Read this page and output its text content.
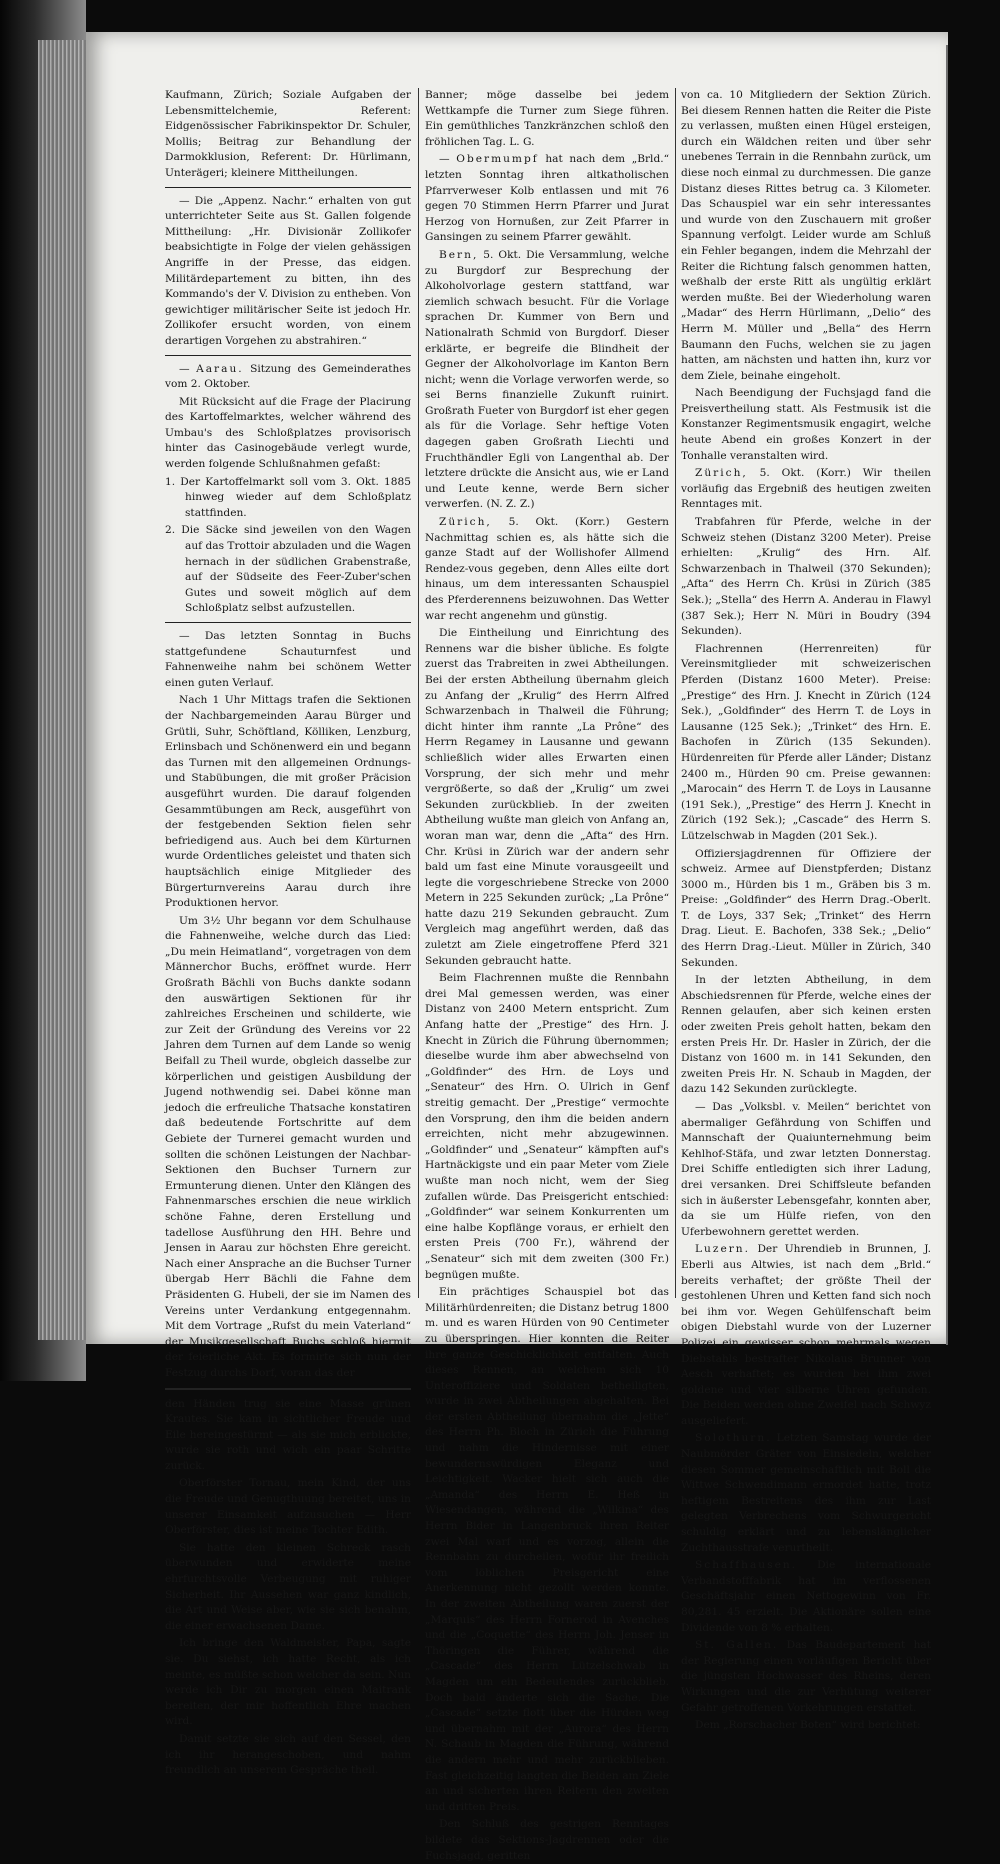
Kaufmann, Zürich; Soziale Aufgaben der Lebensmittelchemie, Referent: Eidgenössischer Fabrikinspektor Dr. Schuler, Mollis; Beitrag zur Behandlung der Darmokklusion, Referent: Dr. Hürlimann, Unterägeri; kleinere Mittheilungen.

— Die „Appenz. Nachr.“ erhalten von gut unterrichteter Seite aus St. Gallen folgende Mittheilung: „Hr. Divisionär Zollikofer beabsichtigte in Folge der vielen gehässigen Angriffe in der Presse, das eidgen. Militärdepartement zu bitten, ihn des Kommando's der V. Division zu entheben. Von gewichtiger militärischer Seite ist jedoch Hr. Zollikofer ersucht worden, von einem derartigen Vorgehen zu abstrahiren.“

— Aarau. Sitzung des Gemeinderathes vom 2. Oktober.

Mit Rücksicht auf die Frage der Placirung des Kartoffelmarktes, welcher während des Umbau's des Schloßplatzes provisorisch hinter das Casinogebäude verlegt wurde, werden folgende Schlußnahmen gefaßt:

1. Der Kartoffelmarkt soll vom 3. Okt. 1885 hinweg wieder auf dem Schloßplatz stattfinden.

2. Die Säcke sind jeweilen von den Wagen auf das Trottoir abzuladen und die Wagen hernach in der südlichen Grabenstraße, auf der Südseite des Feer-Zuber'schen Gutes und soweit möglich auf dem Schloßplatz selbst aufzustellen.

— Das letzten Sonntag in Buchs stattgefundene Schauturnfest und Fahnenweihe nahm bei schönem Wetter einen guten Verlauf.

Nach 1 Uhr Mittags trafen die Sektionen der Nachbargemeinden Aarau Bürger und Grütli, Suhr, Schöftland, Kölliken, Lenzburg, Erlinsbach und Schönenwerd ein und begann das Turnen mit den allgemeinen Ordnungs- und Stabübungen, die mit großer Präcision ausgeführt wurden. Die darauf folgenden Gesammtübungen am Reck, ausgeführt von der festgebenden Sektion fielen sehr befriedigend aus. Auch bei dem Kürturnen wurde Ordentliches geleistet und thaten sich hauptsächlich einige Mitglieder des Bürgerturnvereins Aarau durch ihre Produktionen hervor.

Um 3½ Uhr begann vor dem Schulhause die Fahnenweihe, welche durch das Lied: „Du mein Heimatland“, vorgetragen von dem Männerchor Buchs, eröffnet wurde. Herr Großrath Bächli von Buchs dankte sodann den auswärtigen Sektionen für ihr zahlreiches Erscheinen und schilderte, wie zur Zeit der Gründung des Vereins vor 22 Jahren dem Turnen auf dem Lande so wenig Beifall zu Theil wurde, obgleich dasselbe zur körperlichen und geistigen Ausbildung der Jugend nothwendig sei. Dabei könne man jedoch die erfreuliche Thatsache konstatiren daß bedeutende Fortschritte auf dem Gebiete der Turnerei gemacht wurden und sollten die schönen Leistungen der Nachbar-Sektionen den Buchser Turnern zur Ermunterung dienen. Unter den Klängen des Fahnenmarsches erschien die neue wirklich schöne Fahne, deren Erstellung und tadellose Ausführung den HH. Behre und Jensen in Aarau zur höchsten Ehre gereicht. Nach einer Ansprache an die Buchser Turner übergab Herr Bächli die Fahne dem Präsidenten G. Hubeli, der sie im Namen des Vereins unter Verdankung entgegennahm. Mit dem Vortrage „Rufst du mein Vaterland“ der Musikgesellschaft Buchs schloß hiermit der feierliche Akt. Es formirte sich nun der Festzug durchs Dorf, voran das der

den Händen trug sie eine Masse grünen Krautes. Sie kam in sichtlicher Freude und Eile hereingestürmt — als sie mich erblickte, wurde sie roth und wich ein paar Schritte zurück.

Oberförster Tornau, mein Kind, der uns die Freude und Genugthuung bereitet, uns in unserer Einsamkeit aufzusuchen — Herr Oberförster, dies ist meine Tochter Edith.

Sie hatte den kleinen Schreck rasch überwunden und erwiderte meine ehrfurchtsvolle Verbeugung mit ruhiger Sicherheit. Ihr Aussehen war ganz kindlich, die Art und Weise aber, wie sie sich benahm, die einer erwachsenen Dame.

Ich bringe den Waldmeister, Papa, sagte sie. Du siehst, ich hatte Recht, als ich meinte, es müßte schon welcher da sein. Nun werde ich Dir zu morgen einen Maitrank bereiten, der mir hoffentlich Ehre machen wird.

Damit setzte sie sich auf den Sessel, den ich ihr herangeschoben, und nahm freundlich an unserem Gespräche theil.

Banner; möge dasselbe bei jedem Wettkampfe die Turner zum Siege führen. Ein gemüthliches Tanzkränzchen schloß den fröhlichen Tag. L. G.

— Obermumpf hat nach dem „Brld.“ letzten Sonntag ihren altkatholischen Pfarrverweser Kolb entlassen und mit 76 gegen 70 Stimmen Herrn Pfarrer und Jurat Herzog von Hornußen, zur Zeit Pfarrer in Gansingen zu seinem Pfarrer gewählt.

Bern, 5. Okt. Die Versammlung, welche zu Burgdorf zur Besprechung der Alkoholvorlage gestern stattfand, war ziemlich schwach besucht. Für die Vorlage sprachen Dr. Kummer von Bern und Nationalrath Schmid von Burgdorf. Dieser erklärte, er begreife die Blindheit der Gegner der Alkoholvorlage im Kanton Bern nicht; wenn die Vorlage verworfen werde, so sei Berns finanzielle Zukunft ruinirt. Großrath Fueter von Burgdorf ist eher gegen als für die Vorlage. Sehr heftige Voten dagegen gaben Großrath Liechti und Fruchthändler Egli von Langenthal ab. Der letztere drückte die Ansicht aus, wie er Land und Leute kenne, werde Bern sicher verwerfen. (N. Z. Z.)

Zürich, 5. Okt. (Korr.) Gestern Nachmittag schien es, als hätte sich die ganze Stadt auf der Wollishofer Allmend Rendez-vous gegeben, denn Alles eilte dort hinaus, um dem interessanten Schauspiel des Pferderennens beizuwohnen. Das Wetter war recht angenehm und günstig.

Die Eintheilung und Einrichtung des Rennens war die bisher übliche. Es folgte zuerst das Trabreiten in zwei Abtheilungen. Bei der ersten Abtheilung übernahm gleich zu Anfang der „Krulig“ des Herrn Alfred Schwarzenbach in Thalweil die Führung; dicht hinter ihm rannte „La Prône“ des Herrn Regamey in Lausanne und gewann schließlich wider alles Erwarten einen Vorsprung, der sich mehr und mehr vergrößerte, so daß der „Krulig“ um zwei Sekunden zurückblieb. In der zweiten Abtheilung wußte man gleich von Anfang an, woran man war, denn die „Afta“ des Hrn. Chr. Krüsi in Zürich war der andern sehr bald um fast eine Minute vorausgeeilt und legte die vorgeschriebene Strecke von 2000 Metern in 225 Sekunden zurück; „La Prône“ hatte dazu 219 Sekunden gebraucht. Zum Vergleich mag angeführt werden, daß das zuletzt am Ziele eingetroffene Pferd 321 Sekunden gebraucht hatte.

Beim Flachrennen mußte die Rennbahn drei Mal gemessen werden, was einer Distanz von 2400 Metern entspricht. Zum Anfang hatte der „Prestige“ des Hrn. J. Knecht in Zürich die Führung übernommen; dieselbe wurde ihm aber abwechselnd von „Goldfinder“ des Hrn. de Loys und „Senateur“ des Hrn. O. Ulrich in Genf streitig gemacht. Der „Prestige“ vermochte den Vorsprung, den ihm die beiden andern erreichten, nicht mehr abzugewinnen. „Goldfinder“ und „Senateur“ kämpften auf's Hartnäckigste und ein paar Meter vom Ziele wußte man noch nicht, wem der Sieg zufallen würde. Das Preisgericht entschied: „Goldfinder“ war seinem Konkurrenten um eine halbe Kopflänge voraus, er erhielt den ersten Preis (700 Fr.), während der „Senateur“ sich mit dem zweiten (300 Fr.) begnügen mußte.

Ein prächtiges Schauspiel bot das Militärhürdenreiten; die Distanz betrug 1800 m. und es waren Hürden von 90 Centimeter zu überspringen. Hier konnten die Reiter ihre ganze Geschicklichkeit entfalten. Auch dieses Rennen, an welchem sich 10 Unteroffiziere und Soldaten betheiligten, wurde in zwei Abtheilungen abgehalten. Bei der ersten Abtheilung übernahm die „Jette“ des Herrn Ph. Bloch in Zürich die Führung und nahm die Hindernisse mit einer bewundernswürdigen Eleganz und Leichtigkeit. Wacker hielt sich auch die „Amanda“ des Herrn E. Heß in Wiesendangen, während die „Wilkina“ des Herrn Bider in Langenbruck ihren Reiter zwei Mal warf und es vorzog, allein die Rennbahn zu durcheilen, wofür ihr freilich vom löblichen Preisgericht eine Anerkennung nicht gezollt werden konnte. In der zweiten Abtheilung waren zuerst der „Marquis“ des Herrn Fornerod in Avenches und die „Coquette“ des Herrn Joh. Jenser in Thöringen die Führer, während die „Cascade“ des Herrn Lützelschwab in Magden um ein Bedeutendes zurückblieb. Doch bald änderte sich die Sache. Die „Cascade“ setzte flott über die Hürden weg und übernahm mit der „Aurora“ des Herrn N. Schaub in Magden die Führung, während die andern mehr und mehr zurückblieben. Fast gleichzeitig langten die Beiden am Ziele an und sicherten ihren Reitern den zweiten und dritten Preis.

Den Schluß des gestrigen Renntages bildete das Sektions-Jagdrennen oder die Fuchsjagd, geritten

von ca. 10 Mitgliedern der Sektion Zürich. Bei diesem Rennen hatten die Reiter die Piste zu verlassen, mußten einen Hügel ersteigen, durch ein Wäldchen reiten und über sehr unebenes Terrain in die Rennbahn zurück, um diese noch einmal zu durchmessen. Die ganze Distanz dieses Rittes betrug ca. 3 Kilometer. Das Schauspiel war ein sehr interessantes und wurde von den Zuschauern mit großer Spannung verfolgt. Leider wurde am Schluß ein Fehler begangen, indem die Mehrzahl der Reiter die Richtung falsch genommen hatten, weßhalb der erste Ritt als ungültig erklärt werden mußte. Bei der Wiederholung waren „Madar“ des Herrn Hürlimann, „Delio“ des Herrn M. Müller und „Bella“ des Herrn Baumann den Fuchs, welchen sie zu jagen hatten, am nächsten und hatten ihn, kurz vor dem Ziele, beinahe eingeholt.

Nach Beendigung der Fuchsjagd fand die Preisvertheilung statt. Als Festmusik ist die Konstanzer Regimentsmusik engagirt, welche heute Abend ein großes Konzert in der Tonhalle veranstalten wird.

Zürich, 5. Okt. (Korr.) Wir theilen vorläufig das Ergebniß des heutigen zweiten Renntages mit.

Trabfahren für Pferde, welche in der Schweiz stehen (Distanz 3200 Meter). Preise erhielten: „Krulig“ des Hrn. Alf. Schwarzenbach in Thalweil (370 Sekunden); „Afta“ des Herrn Ch. Krüsi in Zürich (385 Sek.); „Stella“ des Herrn A. Anderau in Flawyl (387 Sek.); Herr N. Müri in Boudry (394 Sekunden).

Flachrennen (Herrenreiten) für Vereinsmitglieder mit schweizerischen Pferden (Distanz 1600 Meter). Preise: „Prestige“ des Hrn. J. Knecht in Zürich (124 Sek.), „Goldfinder“ des Herrn T. de Loys in Lausanne (125 Sek.); „Trinket“ des Hrn. E. Bachofen in Zürich (135 Sekunden). Hürdenreiten für Pferde aller Länder; Distanz 2400 m., Hürden 90 cm. Preise gewannen: „Marocain“ des Herrn T. de Loys in Lausanne (191 Sek.), „Prestige“ des Herrn J. Knecht in Zürich (192 Sek.); „Cascade“ des Herrn S. Lützelschwab in Magden (201 Sek.).

Offiziersjagdrennen für Offiziere der schweiz. Armee auf Dienstpferden; Distanz 3000 m., Hürden bis 1 m., Gräben bis 3 m. Preise: „Goldfinder“ des Herrn Drag.-Oberlt. T. de Loys, 337 Sek; „Trinket“ des Herrn Drag. Lieut. E. Bachofen, 338 Sek.; „Delio“ des Herrn Drag.-Lieut. Müller in Zürich, 340 Sekunden.

In der letzten Abtheilung, in dem Abschiedsrennen für Pferde, welche eines der Rennen gelaufen, aber sich keinen ersten oder zweiten Preis geholt hatten, bekam den ersten Preis Hr. Dr. Hasler in Zürich, der die Distanz von 1600 m. in 141 Sekunden, den zweiten Preis Hr. N. Schaub in Magden, der dazu 142 Sekunden zurücklegte.

— Das „Volksbl. v. Meilen“ berichtet von abermaliger Gefährdung von Schiffen und Mannschaft der Quaiunternehmung beim Kehlhof-Stäfa, und zwar letzten Donnerstag. Drei Schiffe entledigten sich ihrer Ladung, drei versanken. Drei Schiffsleute befanden sich in äußerster Lebensgefahr, konnten aber, da sie um Hülfe riefen, von den Uferbewohnern gerettet werden.

Luzern. Der Uhrendieb in Brunnen, J. Eberli aus Altwies, ist nach dem „Brld.“ bereits verhaftet; der größte Theil der gestohlenen Uhren und Ketten fand sich noch bei ihm vor. Wegen Gehülfenschaft beim obigen Diebstahl wurde von der Luzerner Polizei ein gewisser schon mehrmals wegen Diebstahls bestrafter Nikolaus Brunner von Aesch verhaftet; es wurden bei ihm zwei goldene und vier silberne Uhren gefunden. Die Beiden werden ohne Zweifel nach Schwyz ausgeliefert.

Solothurn. Letzten Samstag wurde der Naubmörder Gräter von Einsiedeln, welcher diesen Sommer gemeinschaftlich mit Boll die Wittwe Schwendimann ermordet hatte, trotz heftigem Bestreitens des ihm zur Last gelegten Verbrechens vom Schwurgericht schuldig erklärt und zu lebenslänglicher Zuchthausstrafe verurtheilt.

Schaffhausen. Die internationale Verbandstofffabrik hat im verflossenen Geschäftsjahr einen Nettogewinn von Fr. 80,281. 45 erzielt. Die Aktionäre sollen eine Dividende von 8 % erhalten.

St. Gallen. Das Baudepartement hat der Regierung einen vorläufigen Bericht über die jüngsten Hochwasser des Rheins, deren Wirkungen und die zur Verhütung weiterer Gefahr getroffenen Vorkehrungen erstattet.

Dem „Rorschacher Boten“ wird berichtet:
